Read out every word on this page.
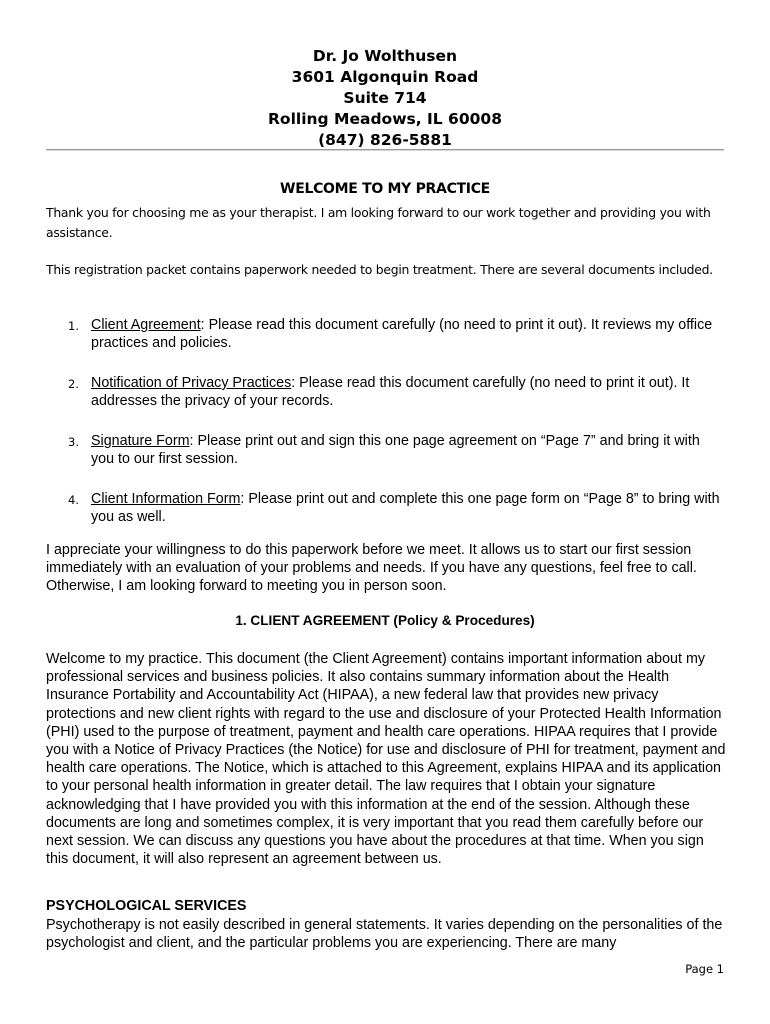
Dr. Jo Wolthusen
3601 Algonquin Road
Suite 714
Rolling Meadows, IL 60008
(847) 826-5881
WELCOME TO MY PRACTICE
Thank you for choosing me as your therapist. I am looking forward to our work together and providing you with assistance.
This registration packet contains paperwork needed to begin treatment. There are several documents included.
1. Client Agreement: Please read this document carefully (no need to print it out). It reviews my office practices and policies.
2. Notification of Privacy Practices: Please read this document carefully (no need to print it out). It addresses the privacy of your records.
3. Signature Form: Please print out and sign this one page agreement on “Page 7” and bring it with you to our first session.
4. Client Information Form: Please print out and complete this one page form on “Page 8” to bring with you as well.
I appreciate your willingness to do this paperwork before we meet. It allows us to start our first session immediately with an evaluation of your problems and needs. If you have any questions, feel free to call. Otherwise, I am looking forward to meeting you in person soon.
1. CLIENT AGREEMENT (Policy & Procedures)
Welcome to my practice. This document (the Client Agreement) contains important information about my professional services and business policies. It also contains summary information about the Health Insurance Portability and Accountability Act (HIPAA), a new federal law that provides new privacy protections and new client rights with regard to the use and disclosure of your Protected Health Information (PHI) used to the purpose of treatment, payment and health care operations. HIPAA requires that I provide you with a Notice of Privacy Practices (the Notice) for use and disclosure of PHI for treatment, payment and health care operations. The Notice, which is attached to this Agreement, explains HIPAA and its application to your personal health information in greater detail. The law requires that I obtain your signature acknowledging that I have provided you with this information at the end of the session. Although these documents are long and sometimes complex, it is very important that you read them carefully before our next session. We can discuss any questions you have about the procedures at that time. When you sign this document, it will also represent an agreement between us.
PSYCHOLOGICAL SERVICES
Psychotherapy is not easily described in general statements. It varies depending on the personalities of the psychologist and client, and the particular problems you are experiencing. There are many
Page 1
